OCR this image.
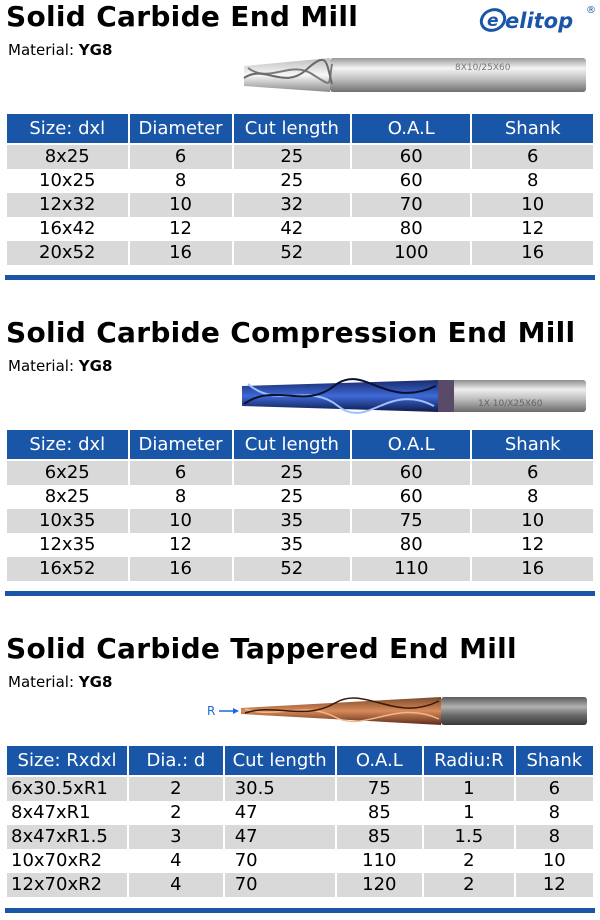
e elitop ®
Solid Carbide End Mill
Material: YG8
8X10/25X60
Size: dxl	Diameter	Cut length	O.A.L	Shank
8x25	6	25	60	6
10x25	8	25	60	8
12x32	10	32	70	10
16x42	12	42	80	12
20x52	16	52	100	16
Solid Carbide Compression End Mill
Material: YG8
1X 10/X25X60
Size: dxl	Diameter	Cut length	O.A.L	Shank
6x25	6	25	60	6
8x25	8	25	60	8
10x35	10	35	75	10
12x35	12	35	80	12
16x52	16	52	110	16
Solid Carbide Tappered End Mill
Material: YG8
R
Size: Rxdxl	Dia.: d	Cut length	O.A.L	Radiu:R	Shank
6x30.5xR1	2	30.5	75	1	6
8x47xR1	2	47	85	1	8
8x47xR1.5	3	47	85	1.5	8
10x70xR2	4	70	110	2	10
12x70xR2	4	70	120	2	12
